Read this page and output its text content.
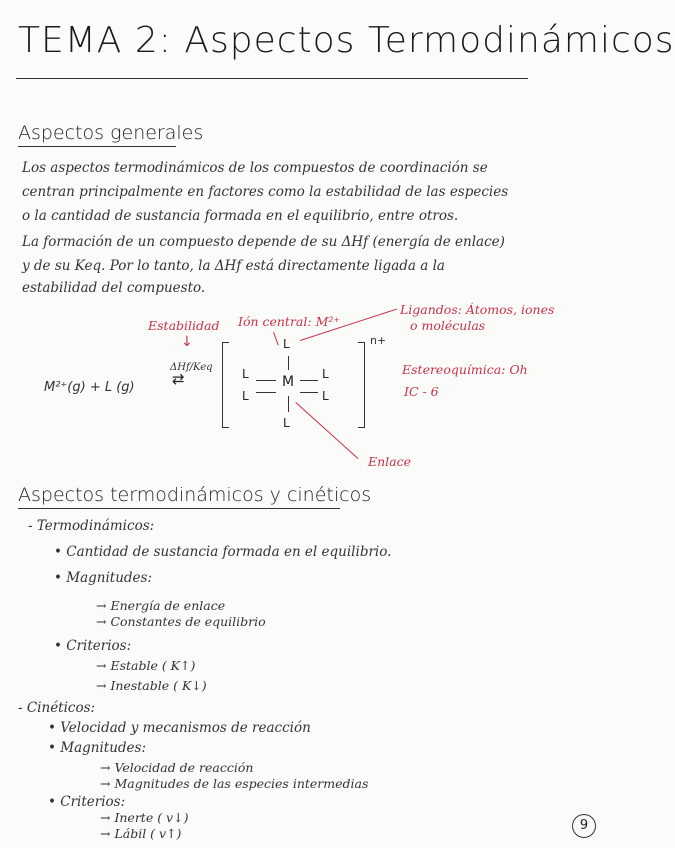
TEMA 2: Aspectos Termodinámicos
Aspectos generales
Los aspectos termodinámicos de los compuestos de coordinación se
centran principalmente en factores como la estabilidad de las especies
o la cantidad de sustancia formada en el equilibrio, entre otros.
La formación de un compuesto depende de su ΔHf (energía de enlace)
y de su Keq. Por lo tanto, la ΔHf está directamente ligada a la
estabilidad del compuesto.
Estabilidad Ión central: M²⁺
Ligandos: Átomos, iones
o moléculas
↓
ΔHf/Keq
⇄
M²⁺(g) + L (g)
n+
M
L
L
L
L
L
L
Estereoquímica: Oh
IC - 6
Enlace
Aspectos termodinámicos y cinéticos
- Termodinámicos:
• Cantidad de sustancia formada en el equilibrio.
• Magnitudes:
→ Energía de enlace
→ Constantes de equilibrio
• Criterios:
→ Estable ( K↑)
→ Inestable ( K↓)
- Cinéticos:
• Velocidad y mecanismos de reacción
• Magnitudes:
→ Velocidad de reacción
→ Magnitudes de las especies intermedias
• Criterios:
→ Inerte ( v↓)
→ Lábil ( v↑)
9
